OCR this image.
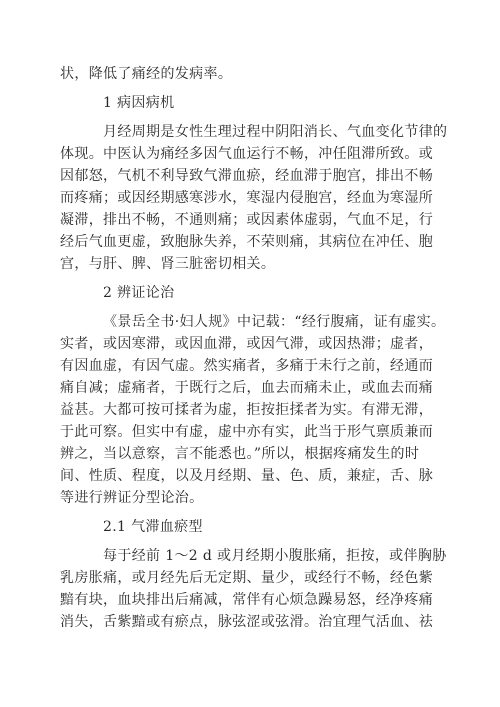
状，降低了痛经的发病率。
1 病因病机
月经周期是女性生理过程中阴阳消长、气血变化节律的
体现。中医认为痛经多因气血运行不畅，冲任阻滞所致。或
因郁怒，气机不利导致气滞血瘀，经血滞于胞宫，排出不畅
而疼痛；或因经期感寒涉水，寒湿内侵胞宫，经血为寒湿所
凝滞，排出不畅，不通则痛；或因素体虚弱，气血不足，行
经后气血更虚，致胞脉失养，不荣则痛，其病位在冲任、胞
宫，与肝、脾、肾三脏密切相关。
2 辨证论治
《景岳全书·妇人规》中记载：“经行腹痛，证有虚实。
实者，或因寒滞，或因血滞，或因气滞，或因热滞；虚者，
有因血虚，有因气虚。然实痛者，多痛于未行之前，经通而
痛自减；虚痛者，于既行之后，血去而痛未止，或血去而痛
益甚。大都可按可揉者为虚，拒按拒揉者为实。有滞无滞，
于此可察。但实中有虚，虚中亦有实，此当于形气禀质兼而
辨之，当以意察，言不能悉也。”所以，根据疼痛发生的时
间、性质、程度，以及月经期、量、色、质，兼症，舌、脉
等进行辨证分型论治。
2.1 气滞血瘀型
每于经前 1～2 d 或月经期小腹胀痛，拒按，或伴胸胁
乳房胀痛，或月经先后无定期、量少，或经行不畅，经色紫
黯有块，血块排出后痛减，常伴有心烦急躁易怒，经净疼痛
消失，舌紫黯或有瘀点，脉弦涩或弦滑。治宜理气活血、祛
